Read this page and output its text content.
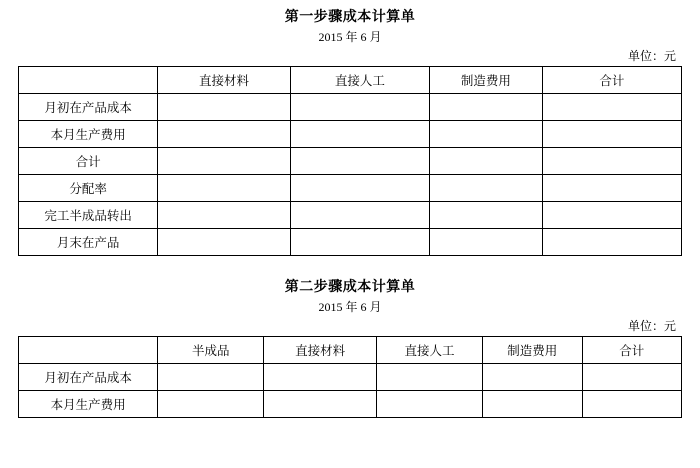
第一步骤成本计算单
2015 年 6 月
单位：元
	直接材料	直接人工	制造费用	合计
月初在产品成本				
本月生产费用				
合计				
分配率				
完工半成品转出				
月末在产品				
第二步骤成本计算单
2015 年 6 月
单位：元
	半成品	直接材料	直接人工	制造费用	合计
月初在产品成本					
本月生产费用					
